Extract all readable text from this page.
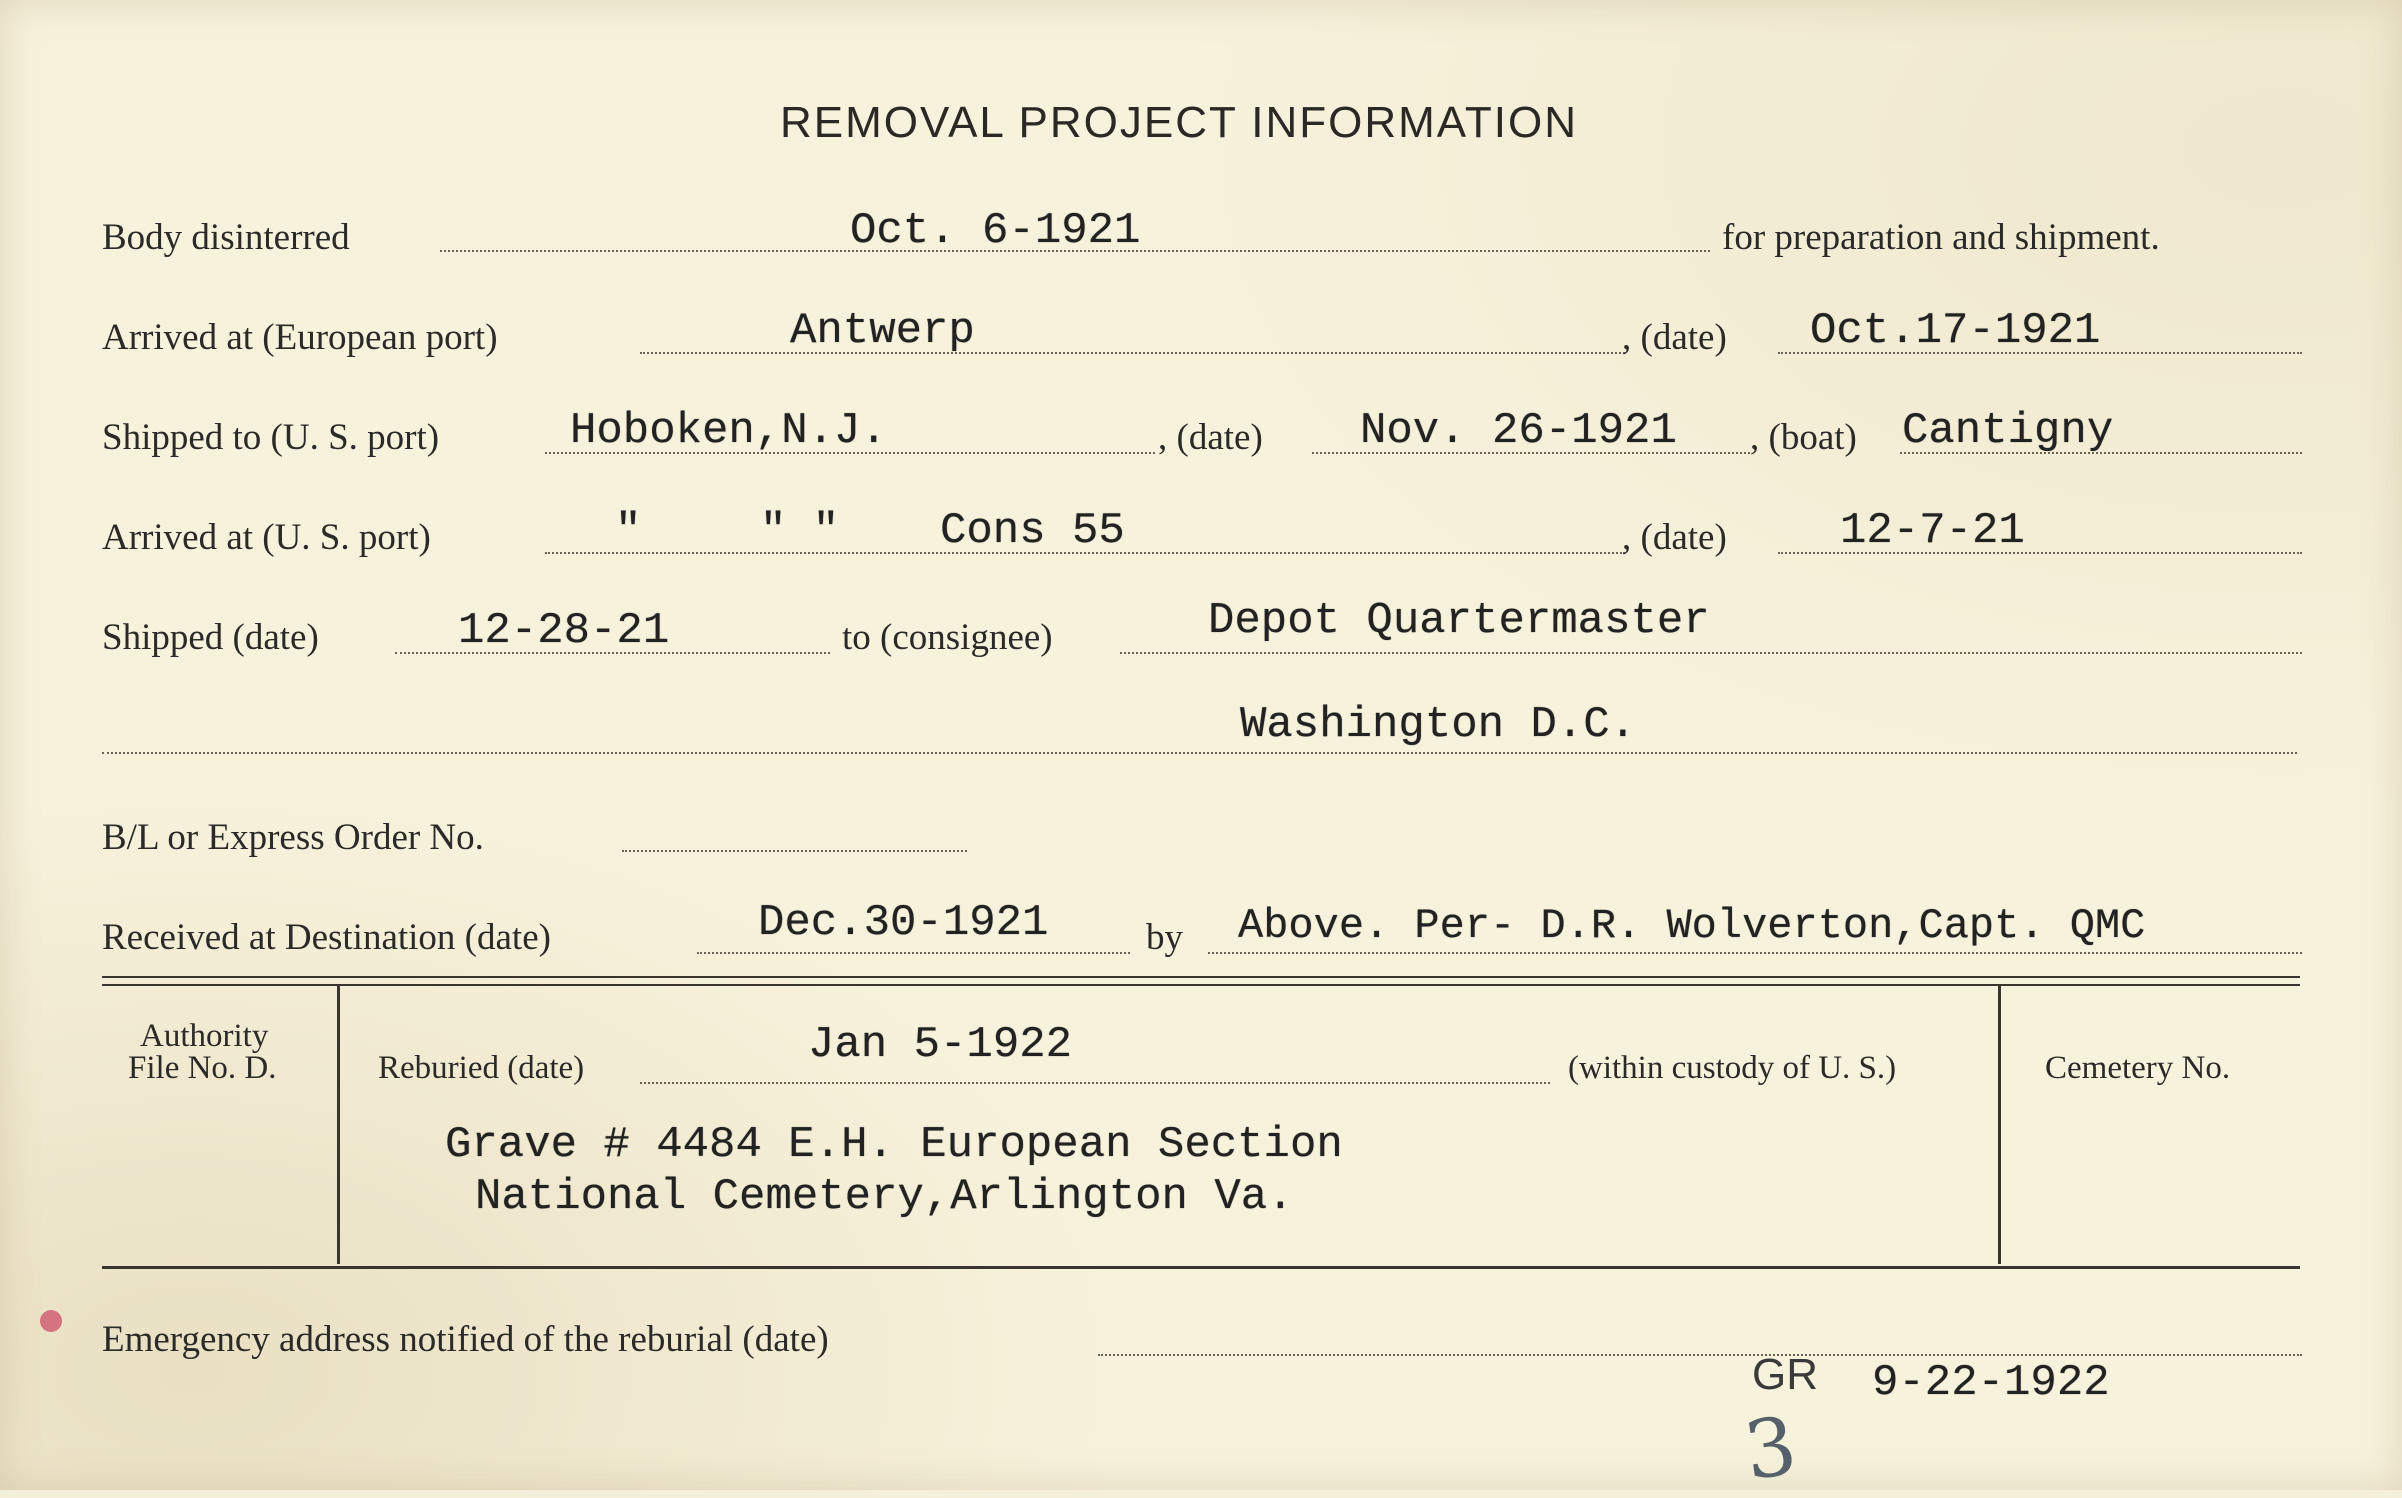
REMOVAL PROJECT INFORMATION
Body disinterred	Oct. 6-1921	for preparation and shipment.
Arrived at (European port)	Antwerp	, (date) Oct.17-1921
Shipped to (U. S. port)	Hoboken,N.J.	, (date) Nov. 26-1921 , (boat) Cantigny
Arrived at (U. S. port)	"	" " Cons 55	, (date)	12-7-21
Shipped (date)	12-28-21	to (consignee)	Depot Quartermaster
Washington D.C.
B/L or Express Order No.
Received at Destination (date)	Dec.30-1921	by Above. Per- D.R. Wolverton,Capt. QMC
Authority
File No. D.	Reburied (date)	Jan 5-1922	(within custody of U. S.)	Cemetery No.
Grave # 4484 E.H. European Section
National Cemetery,Arlington Va.
Emergency address notified of the reburial (date)
GR 9-22-1922
3
